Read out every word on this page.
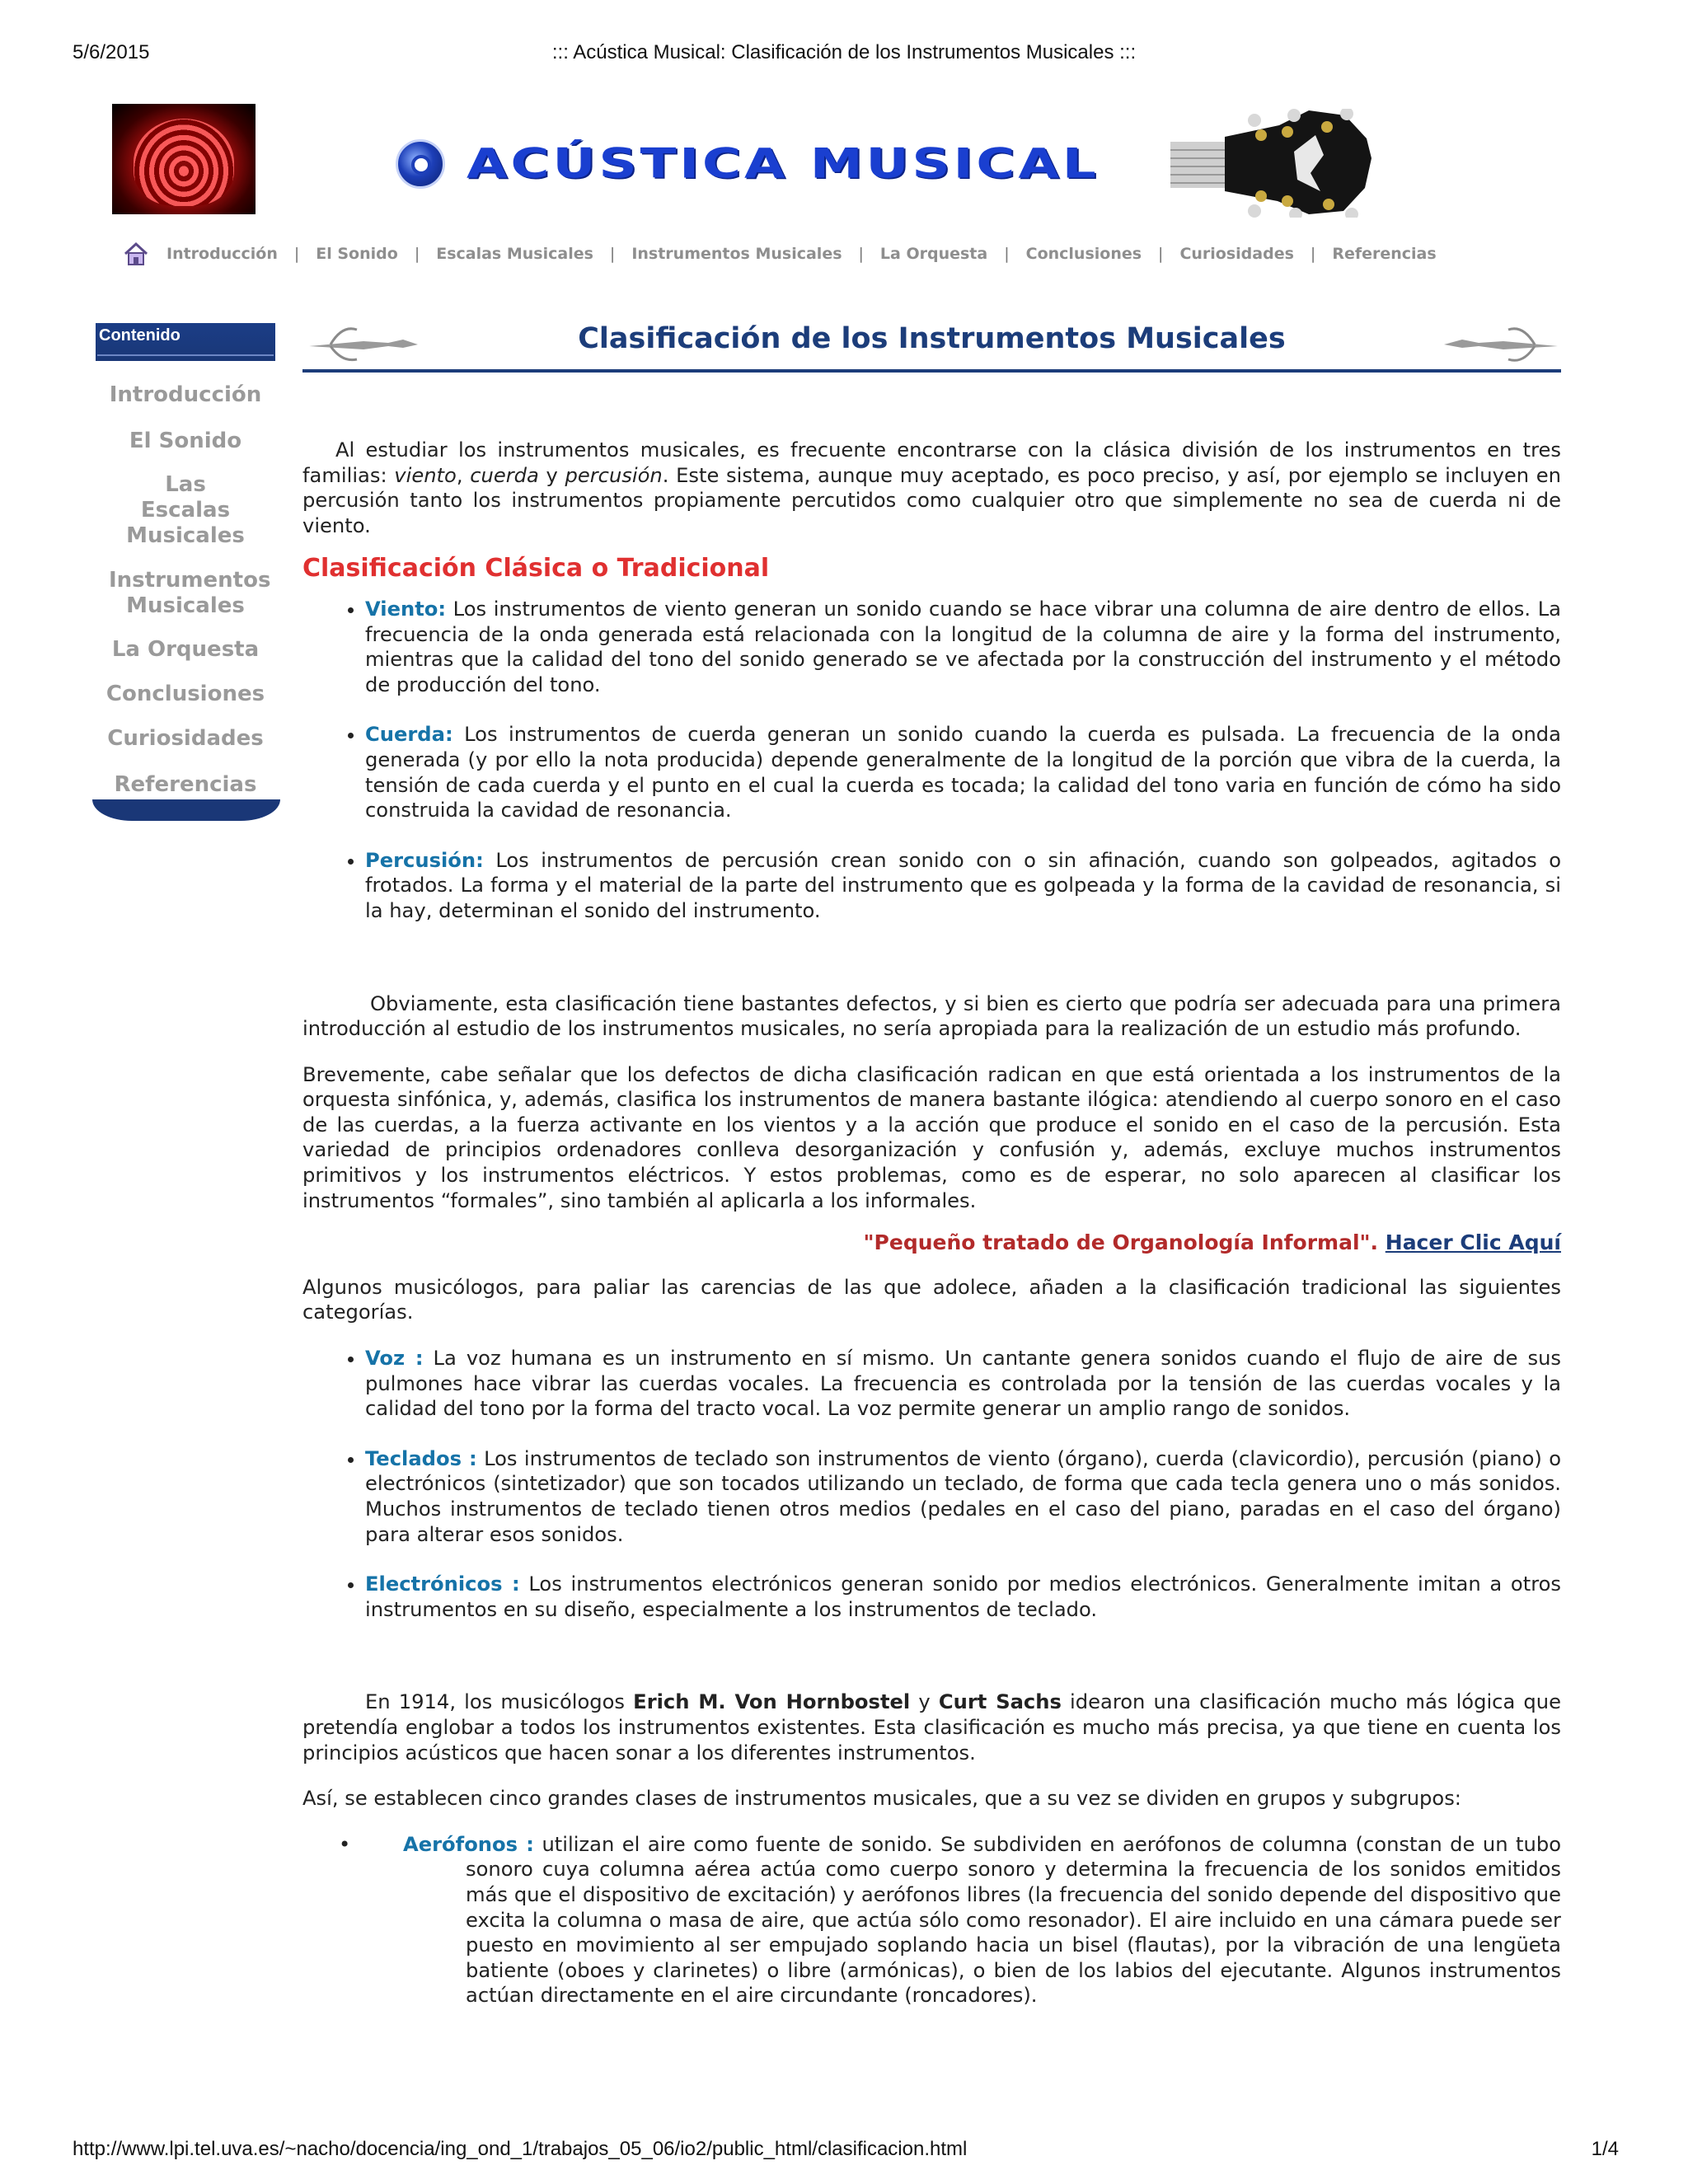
5/6/2015	::: Acústica Musical: Clasificación de los Instrumentos Musicales :::
ACÚSTICA MUSICAL
Introducción | El Sonido | Escalas Musicales | Instrumentos Musicales | La Orquesta | Conclusiones | Curiosidades | Referencias
Contenido
Introducción
El Sonido
Las Escalas Musicales
Instrumentos Musicales
La Orquesta
Conclusiones
Curiosidades
Referencias
Clasificación de los Instrumentos Musicales

Al estudiar los instrumentos musicales, es frecuente encontrarse con la clásica división de los instrumentos en tres familias: viento, cuerda y percusión. Este sistema, aunque muy aceptado, es poco preciso, y así, por ejemplo se incluyen en percusión tanto los instrumentos propiamente percutidos como cualquier otro que simplemente no sea de cuerda ni de viento.

Clasificación Clásica o Tradicional
• Viento: Los instrumentos de viento generan un sonido cuando se hace vibrar una columna de aire dentro de ellos. La frecuencia de la onda generada está relacionada con la longitud de la columna de aire y la forma del instrumento, mientras que la calidad del tono del sonido generado se ve afectada por la construcción del instrumento y el método de producción del tono.
• Cuerda: Los instrumentos de cuerda generan un sonido cuando la cuerda es pulsada. La frecuencia de la onda generada (y por ello la nota producida) depende generalmente de la longitud de la porción que vibra de la cuerda, la tensión de cada cuerda y el punto en el cual la cuerda es tocada; la calidad del tono varia en función de cómo ha sido construida la cavidad de resonancia.
• Percusión: Los instrumentos de percusión crean sonido con o sin afinación, cuando son golpeados, agitados o frotados. La forma y el material de la parte del instrumento que es golpeada y la forma de la cavidad de resonancia, si la hay, determinan el sonido del instrumento.

Obviamente, esta clasificación tiene bastantes defectos, y si bien es cierto que podría ser adecuada para una primera introducción al estudio de los instrumentos musicales, no sería apropiada para la realización de un estudio más profundo.

Brevemente, cabe señalar que los defectos de dicha clasificación radican en que está orientada a los instrumentos de la orquesta sinfónica, y, además, clasifica los instrumentos de manera bastante ilógica: atendiendo al cuerpo sonoro en el caso de las cuerdas, a la fuerza activante en los vientos y a la acción que produce el sonido en el caso de la percusión. Esta variedad de principios ordenadores conlleva desorganización y confusión y, además, excluye muchos instrumentos primitivos y los instrumentos eléctricos. Y estos problemas, como es de esperar, no solo aparecen al clasificar los instrumentos “formales”, sino también al aplicarla a los informales.

"Pequeño tratado de Organología Informal". Hacer Clic Aquí

Algunos musicólogos, para paliar las carencias de las que adolece, añaden a la clasificación tradicional las siguientes categorías.

• Voz : La voz humana es un instrumento en sí mismo. Un cantante genera sonidos cuando el flujo de aire de sus pulmones hace vibrar las cuerdas vocales. La frecuencia es controlada por la tensión de las cuerdas vocales y la calidad del tono por la forma del tracto vocal. La voz permite generar un amplio rango de sonidos.
• Teclados : Los instrumentos de teclado son instrumentos de viento (órgano), cuerda (clavicordio), percusión (piano) o electrónicos (sintetizador) que son tocados utilizando un teclado, de forma que cada tecla genera uno o más sonidos. Muchos instrumentos de teclado tienen otros medios (pedales en el caso del piano, paradas en el caso del órgano) para alterar esos sonidos.
• Electrónicos : Los instrumentos electrónicos generan sonido por medios electrónicos. Generalmente imitan a otros instrumentos en su diseño, especialmente a los instrumentos de teclado.

En 1914, los musicólogos Erich M. Von Hornbostel y Curt Sachs idearon una clasificación mucho más lógica que pretendía englobar a todos los instrumentos existentes. Esta clasificación es mucho más precisa, ya que tiene en cuenta los principios acústicos que hacen sonar a los diferentes instrumentos.

Así, se establecen cinco grandes clases de instrumentos musicales, que a su vez se dividen en grupos y subgrupos:

•	Aerófonos : utilizan el aire como fuente de sonido. Se subdividen en aerófonos de columna (constan de un tubo sonoro cuya columna aérea actúa como cuerpo sonoro y determina la frecuencia de los sonidos emitidos más que el dispositivo de excitación) y aerófonos libres (la frecuencia del sonido depende del dispositivo que excita la columna o masa de aire, que actúa sólo como resonador). El aire incluido en una cámara puede ser puesto en movimiento al ser empujado soplando hacia un bisel (flautas), por la vibración de una lengüeta batiente (oboes y clarinetes) o libre (armónicas), o bien de los labios del ejecutante. Algunos instrumentos actúan directamente en el aire circundante (roncadores).
http://www.lpi.tel.uva.es/~nacho/docencia/ing_ond_1/trabajos_05_06/io2/public_html/clasificacion.html	1/4
